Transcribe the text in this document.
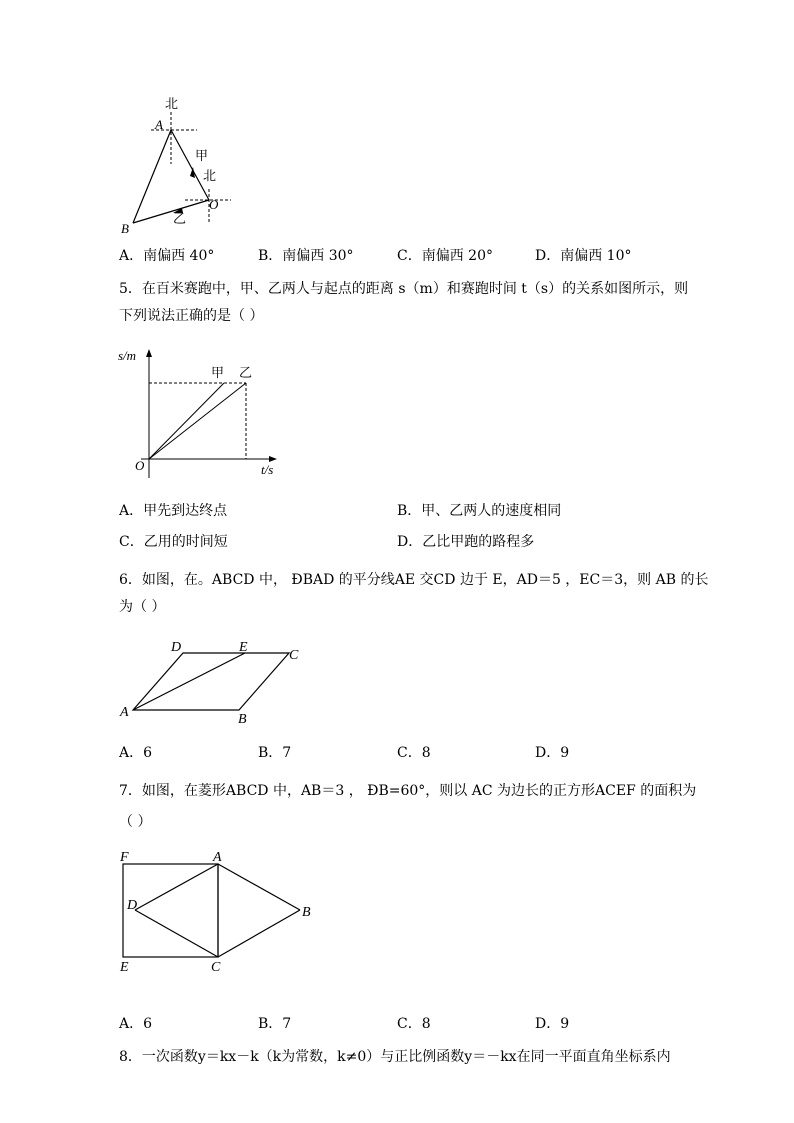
北
A
甲
北
O
乙
B
A．南偏西 40°	B．南偏西 30°	C．南偏西 20°	D．南偏西 10°
5．在百米赛跑中，甲、乙两人与起点的距离 s（m）和赛跑时间 t（s）的关系如图所示，则
下列说法正确的是（ ）
s/m
t/s
O
甲 乙
A．甲先到达终点	B．甲、乙两人的速度相同
C．乙用的时间短	D．乙比甲跑的路程多
6．如图，在。ABCD 中， ÐBAD 的平分线AE 交CD 边于 E，AD＝5 ，EC＝3，则 AB 的长
为（ ）
A	B
C
D	E
A．6	B．7	C．8	D．9
7．如图，在菱形ABCD 中，AB＝3 ， ÐB=60°，则以 AC 为边长的正方形ACEF 的面积为
（ ）
F	A
D	B
E	C
A．6	B．7	C．8	D．9
8．一次函数y＝kx－k（k为常数，k≠0）与正比例函数y＝－kx在同一平面直角坐标系内
